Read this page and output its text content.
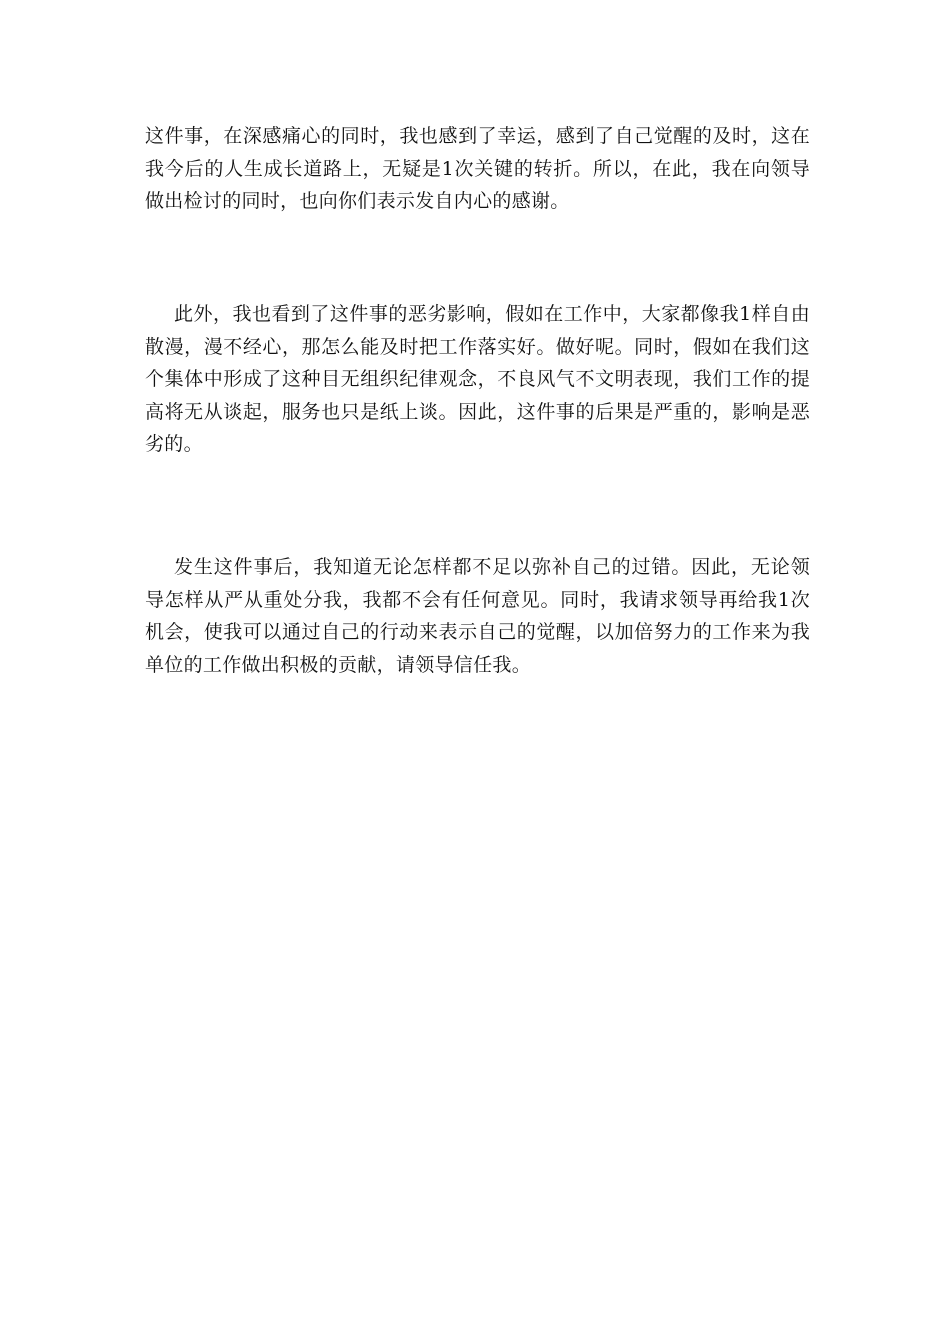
这件事，在深感痛心的同时，我也感到了幸运，感到了自己觉醒的及时，这在我今后的人生成长道路上，无疑是1次关键的转折。所以，在此，我在向领导做出检讨的同时，也向你们表示发自内心的感谢。

此外，我也看到了这件事的恶劣影响，假如在工作中，大家都像我1样自由散漫，漫不经心，那怎么能及时把工作落实好。做好呢。同时，假如在我们这个集体中形成了这种目无组织纪律观念，不良风气不文明表现，我们工作的提高将无从谈起，服务也只是纸上谈。因此，这件事的后果是严重的，影响是恶劣的。

发生这件事后，我知道无论怎样都不足以弥补自己的过错。因此，无论领导怎样从严从重处分我，我都不会有任何意见。同时，我请求领导再给我1次机会，使我可以通过自己的行动来表示自己的觉醒，以加倍努力的工作来为我单位的工作做出积极的贡献，请领导信任我。
